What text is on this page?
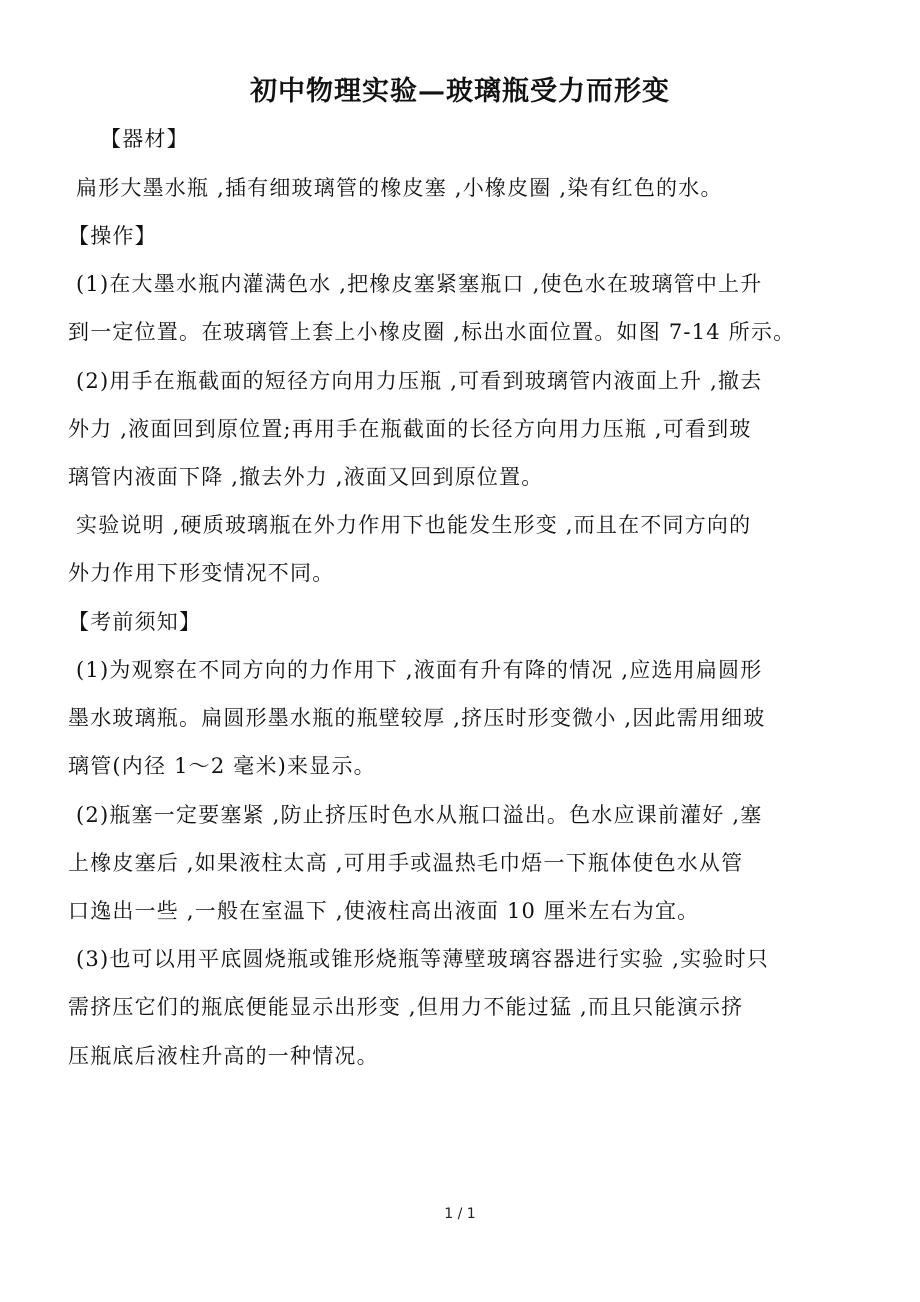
初中物理实验—玻璃瓶受力而形变
【器材】
扁形大墨水瓶 ,插有细玻璃管的橡皮塞 ,小橡皮圈 ,染有红色的水。
【操作】
(1)在大墨水瓶内灌满色水 ,把橡皮塞紧塞瓶口 ,使色水在玻璃管中上升
到一定位置。在玻璃管上套上小橡皮圈 ,标出水面位置。如图 7-14 所示。
(2)用手在瓶截面的短径方向用力压瓶 ,可看到玻璃管内液面上升 ,撤去
外力 ,液面回到原位置;再用手在瓶截面的长径方向用力压瓶 ,可看到玻
璃管内液面下降 ,撤去外力 ,液面又回到原位置。
实验说明 ,硬质玻璃瓶在外力作用下也能发生形变 ,而且在不同方向的
外力作用下形变情况不同。
【考前须知】
(1)为观察在不同方向的力作用下 ,液面有升有降的情况 ,应选用扁圆形
墨水玻璃瓶。扁圆形墨水瓶的瓶壁较厚 ,挤压时形变微小 ,因此需用细玻
璃管(内径 1～2 毫米)来显示。
(2)瓶塞一定要塞紧 ,防止挤压时色水从瓶口溢出。色水应课前灌好 ,塞
上橡皮塞后 ,如果液柱太高 ,可用手或温热毛巾焐一下瓶体使色水从管
口逸出一些 ,一般在室温下 ,使液柱高出液面 10 厘米左右为宜。
(3)也可以用平底圆烧瓶或锥形烧瓶等薄壁玻璃容器进行实验 ,实验时只
需挤压它们的瓶底便能显示出形变 ,但用力不能过猛 ,而且只能演示挤
压瓶底后液柱升高的一种情况。
1 / 1
